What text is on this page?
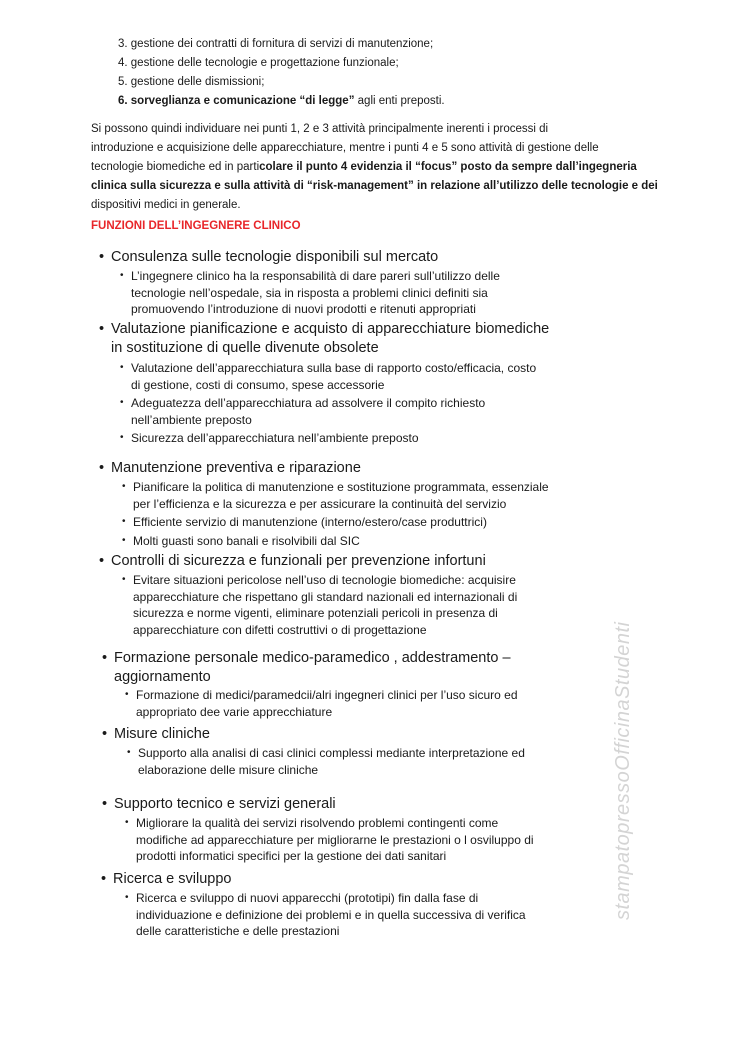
3. gestione dei contratti di fornitura di servizi di manutenzione;
4. gestione delle tecnologie e progettazione funzionale;
5. gestione delle dismissioni;
6. sorveglianza e comunicazione “di legge” agli enti preposti.
Si possono quindi individuare nei punti 1, 2 e 3 attività principalmente inerenti i processi di
introduzione e acquisizione delle apparecchiature, mentre i punti 4 e 5 sono attività di gestione delle
tecnologie biomediche ed in particolare il punto 4 evidenzia il “focus” posto da sempre dall’ingegneria
clinica sulla sicurezza e sulla attività di “risk-management” in relazione all’utilizzo delle tecnologie e dei
dispositivi medici in generale.
FUNZIONI DELL’INGEGNERE CLINICO
• Consulenza sulle tecnologie disponibili sul mercato
• L’ingegnere clinico ha la responsabilità di dare pareri sull’utilizzo delle
tecnologie nell’ospedale, sia in risposta a problemi clinici definiti sia
promuovendo l’introduzione di nuovi prodotti e ritenuti appropriati
• Valutazione pianificazione e acquisto di apparecchiature biomediche
in sostituzione di quelle divenute obsolete
• Valutazione dell’apparecchiatura sulla base di rapporto costo/efficacia, costo
di gestione, costi di consumo, spese accessorie
• Adeguatezza dell’apparecchiatura ad assolvere il compito richiesto
nell’ambiente preposto
• Sicurezza dell’apparecchiatura nell’ambiente preposto
• Manutenzione preventiva e riparazione
• Pianificare la politica di manutenzione e sostituzione programmata, essenziale
per l’efficienza e la sicurezza e per assicurare la continuità del servizio
• Efficiente servizio di manutenzione (interno/estero/case produttrici)
• Molti guasti sono banali e risolvibili dal SIC
• Controlli di sicurezza e funzionali per prevenzione infortuni
• Evitare situazioni pericolose nell’uso di tecnologie biomediche: acquisire
apparecchiature che rispettano gli standard nazionali ed internazionali di
sicurezza e norme vigenti, eliminare potenziali pericoli in presenza di
apparecchiature con difetti costruttivi o di progettazione
• Formazione personale medico-paramedico , addestramento –
aggiornamento
• Formazione di medici/paramedcii/alri ingegneri clinici per l’uso sicuro ed
appropriato dee varie apprecchiature
• Misure cliniche
• Supporto alla analisi di casi clinici complessi mediante interpretazione ed
elaborazione delle misure cliniche
• Supporto tecnico e servizi generali
• Migliorare la qualità dei servizi risolvendo problemi contingenti come
modifiche ad apparecchiature per migliorarne le prestazioni o l osviluppo di
prodotti informatici specifici per la gestione dei dati sanitari
• Ricerca e sviluppo
• Ricerca e sviluppo di nuovi apparecchi (prototipi) fin dalla fase di
individuazione e definizione dei problemi e in quella successiva di verifica
delle caratteristiche e delle prestazioni
stampatopressoOfficinaStudenti
